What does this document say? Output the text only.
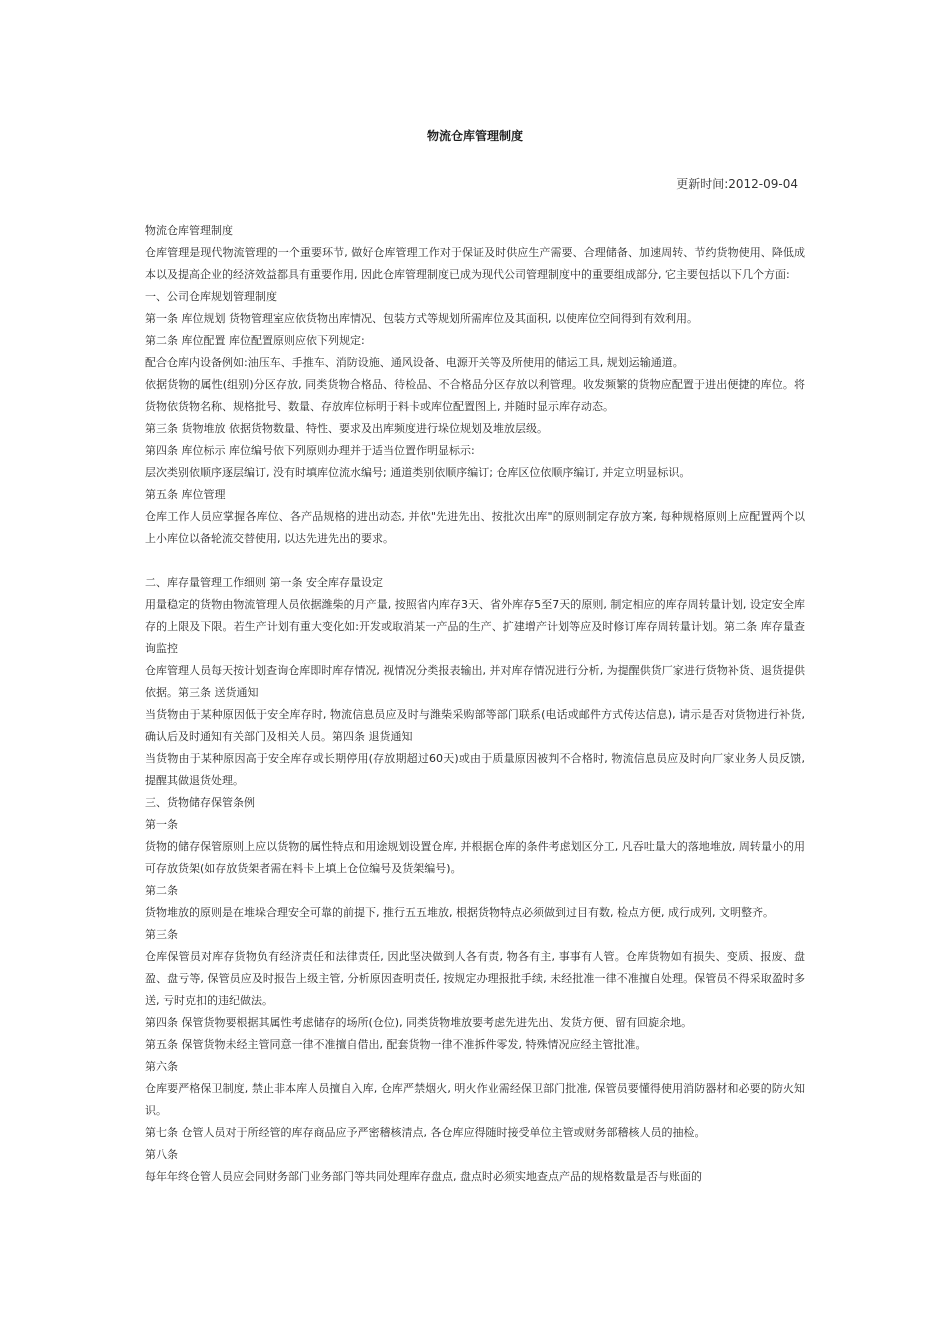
物流仓库管理制度
更新时间:2012-09-04

物流仓库管理制度

仓库管理是现代物流管理的一个重要环节, 做好仓库管理工作对于保证及时供应生产需要、合理储备、加速周转、节约货物使用、降低成本以及提高企业的经济效益都具有重要作用, 因此仓库管理制度已成为现代公司管理制度中的重要组成部分, 它主要包括以下几个方面:

一、公司仓库规划管理制度

第一条 库位规划 货物管理室应依货物出库情况、包装方式等规划所需库位及其面积, 以使库位空间得到有效利用。

第二条 库位配置 库位配置原则应依下列规定:

配合仓库内设备例如:油压车、手推车、消防设施、通风设备、电源开关等及所使用的储运工具, 规划运输通道。

依据货物的属性(组别)分区存放, 同类货物合格品、待检品、不合格品分区存放以利管理。收发频繁的货物应配置于进出便捷的库位。将货物依货物名称、规格批号、数量、存放库位标明于料卡或库位配置图上, 并随时显示库存动态。

第三条 货物堆放 依据货物数量、特性、要求及出库频度进行垛位规划及堆放层级。

第四条 库位标示 库位编号依下列原则办理并于适当位置作明显标示:

层次类别依顺序逐层编订, 没有时填库位流水编号; 通道类别依顺序编订; 仓库区位依顺序编订, 并定立明显标识。

第五条 库位管理

仓库工作人员应掌握各库位、各产品规格的进出动态, 并依"先进先出、按批次出库"的原则制定存放方案, 每种规格原则上应配置两个以上小库位以备轮流交替使用, 以达先进先出的要求。

二、库存量管理工作细则 第一条 安全库存量设定

用量稳定的货物由物流管理人员依据潍柴的月产量, 按照省内库存3天、省外库存5至7天的原则, 制定相应的库存周转量计划, 设定安全库存的上限及下限。若生产计划有重大变化如:开发或取消某一产品的生产、扩建增产计划等应及时修订库存周转量计划。第二条 库存量查询监控

仓库管理人员每天按计划查询仓库即时库存情况, 视情况分类报表输出, 并对库存情况进行分析, 为提醒供货厂家进行货物补货、退货提供依据。第三条 送货通知

当货物由于某种原因低于安全库存时, 物流信息员应及时与潍柴采购部等部门联系(电话或邮件方式传达信息), 请示是否对货物进行补货, 确认后及时通知有关部门及相关人员。第四条 退货通知

当货物由于某种原因高于安全库存或长期停用(存放期超过60天)或由于质量原因被判不合格时, 物流信息员应及时向厂家业务人员反馈, 提醒其做退货处理。

三、货物储存保管条例

第一条

货物的储存保管原则上应以货物的属性特点和用途规划设置仓库, 并根据仓库的条件考虑划区分工, 凡吞吐量大的落地堆放, 周转量小的用可存放货架(如存放货架者需在料卡上填上仓位编号及货架编号)。

第二条

货物堆放的原则是在堆垛合理安全可靠的前提下, 推行五五堆放, 根据货物特点必须做到过目有数, 检点方便, 成行成列, 文明整齐。

第三条

仓库保管员对库存货物负有经济责任和法律责任, 因此坚决做到人各有责, 物各有主, 事事有人管。仓库货物如有损失、变质、报废、盘盈、盘亏等, 保管员应及时报告上级主管, 分析原因查明责任, 按规定办理报批手续, 未经批准一律不准擅自处理。保管员不得采取盈时多送, 亏时克扣的违纪做法。

第四条 保管货物要根据其属性考虑储存的场所(仓位), 同类货物堆放要考虑先进先出、发货方便、留有回旋余地。

第五条 保管货物未经主管同意一律不准擅自借出, 配套货物一律不准拆件零发, 特殊情况应经主管批准。

第六条

仓库要严格保卫制度, 禁止非本库人员擅自入库, 仓库严禁烟火, 明火作业需经保卫部门批准, 保管员要懂得使用消防器材和必要的防火知识。

第七条 仓管人员对于所经管的库存商品应予严密稽核清点, 各仓库应得随时接受单位主管或财务部稽核人员的抽检。

第八条

每年年终仓管人员应会同财务部门业务部门等共同处理库存盘点, 盘点时必须实地查点产品的规格数量是否与账面的
